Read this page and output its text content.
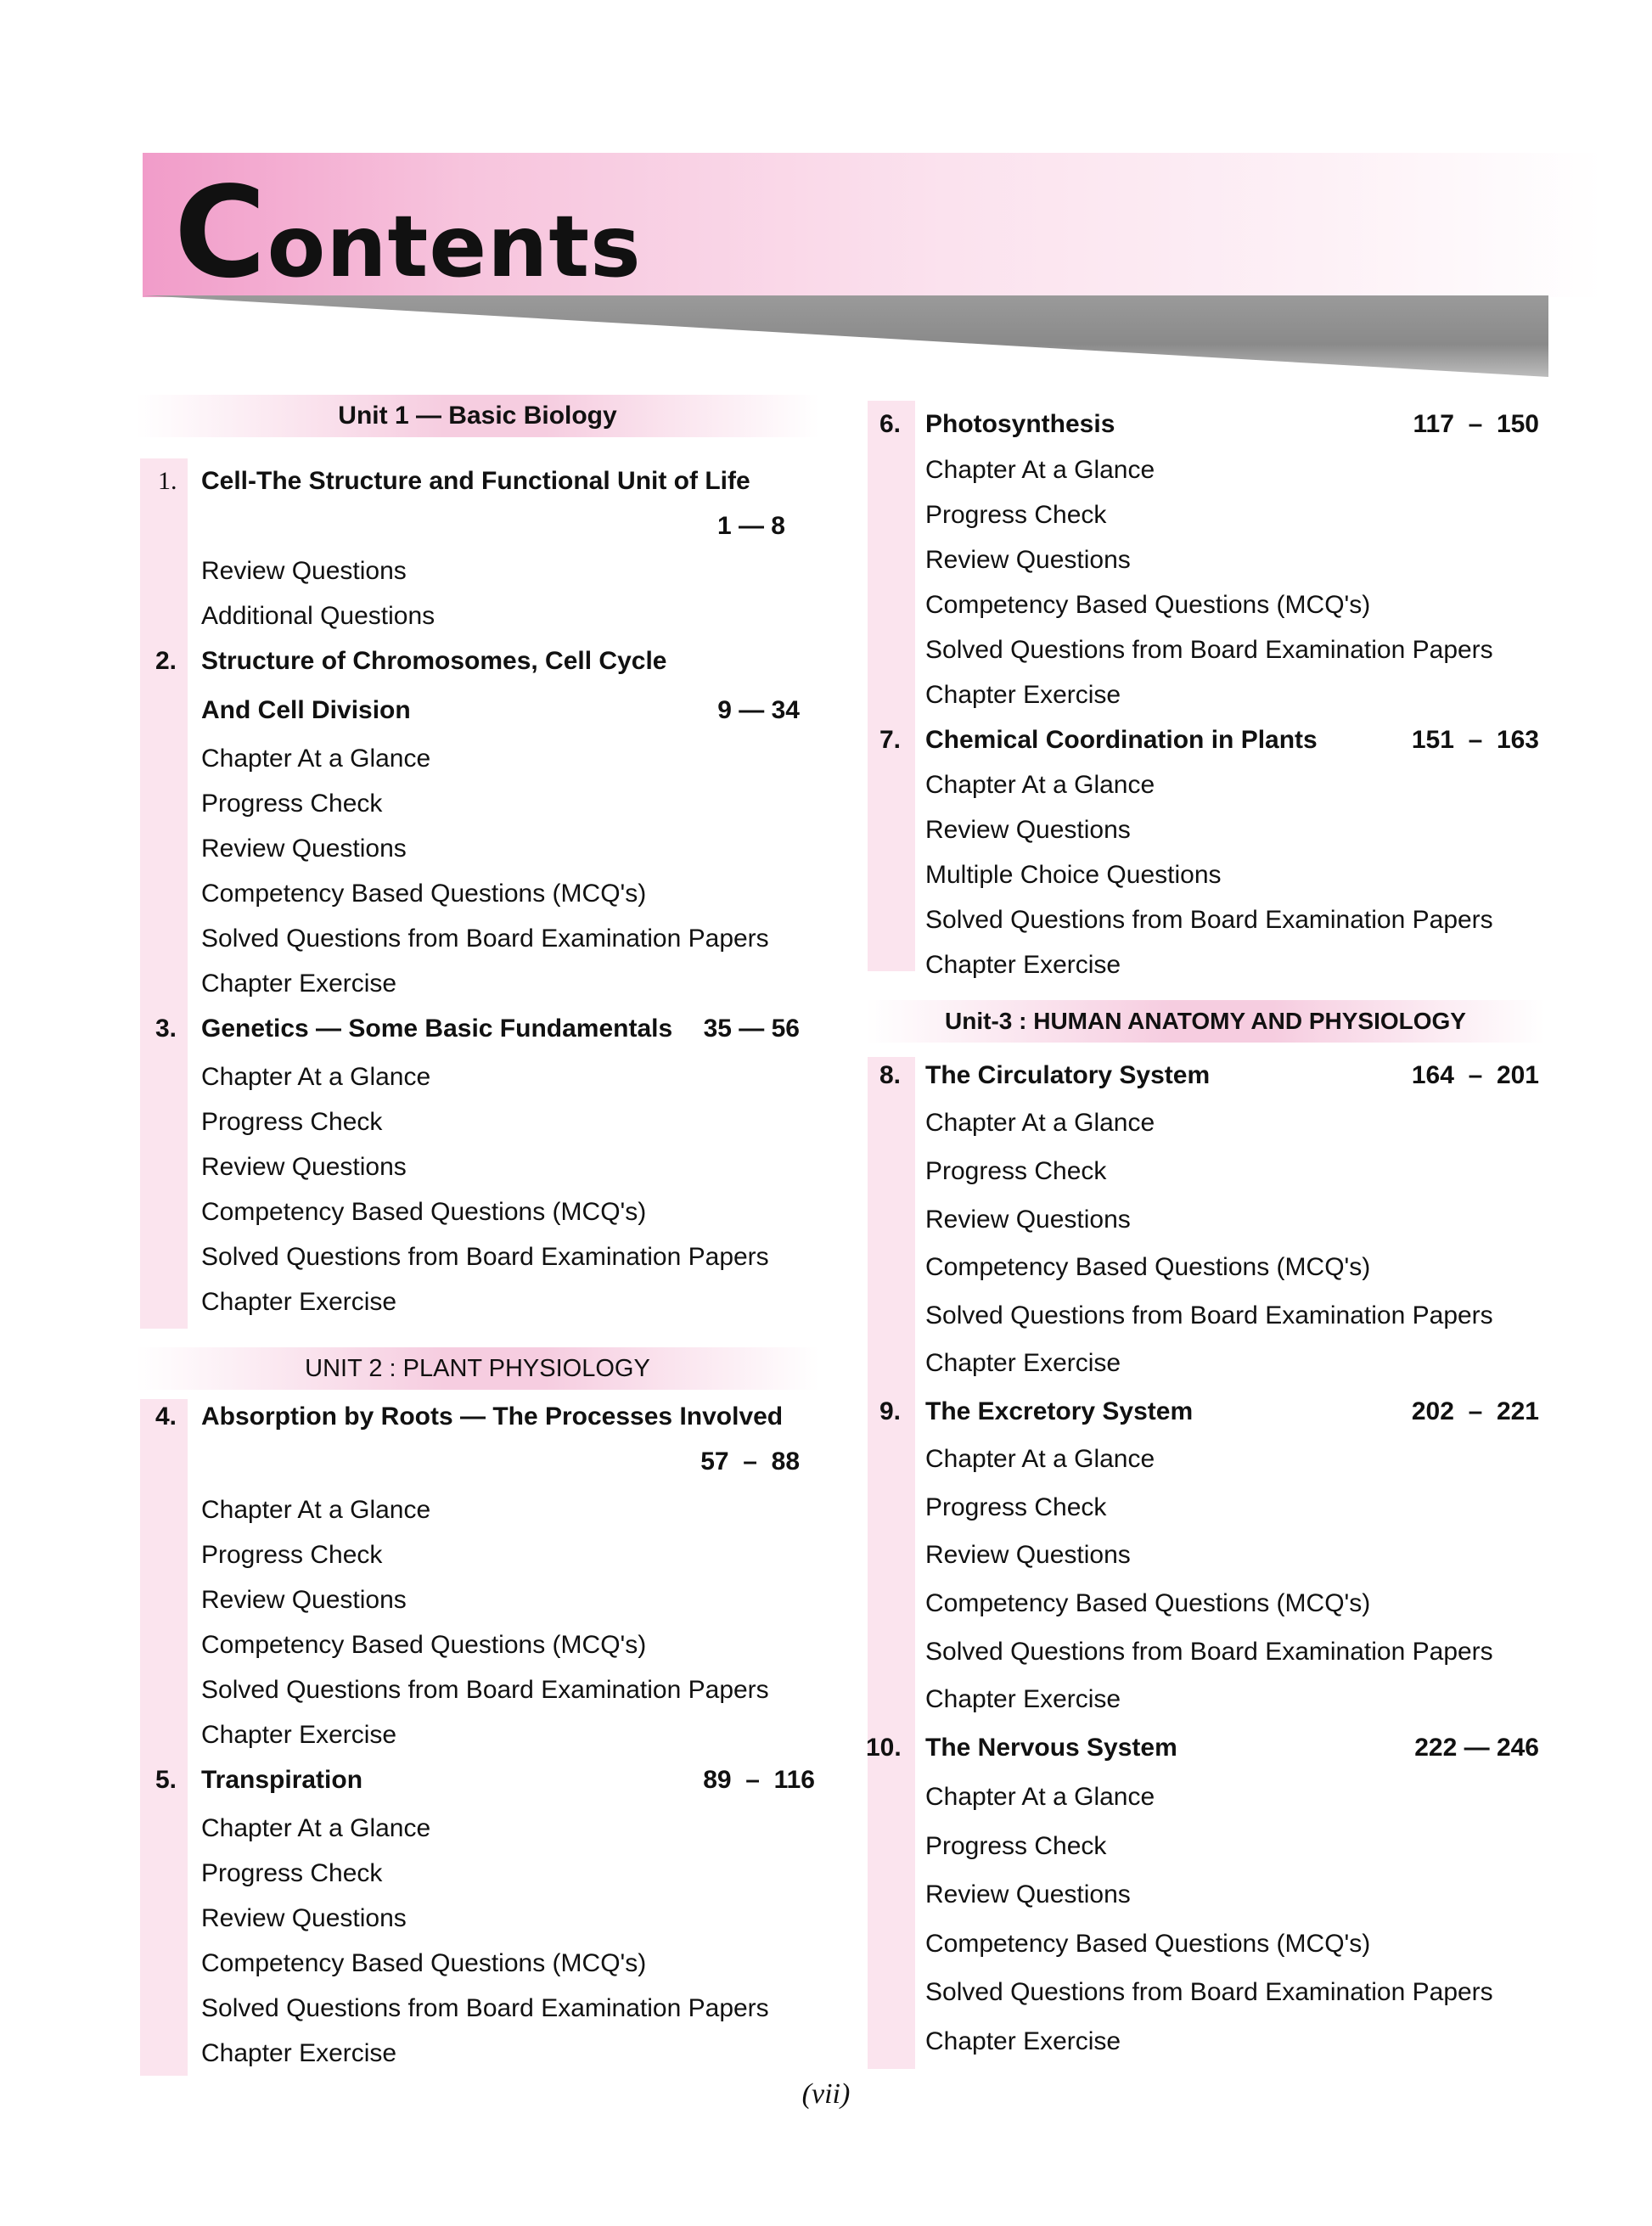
Contents
Unit 1 — Basic Biology
UNIT 2 : PLANT PHYSIOLOGY
Unit-3 : HUMAN ANATOMY AND PHYSIOLOGY
1. Cell-The Structure and Functional Unit of Life
1 — 8
Review Questions
Additional Questions
2. Structure of Chromosomes, Cell Cycle
And Cell Division	9 — 34
Chapter At a Glance
Progress Check
Review Questions
Competency Based Questions (MCQ's)
Solved Questions from Board Examination Papers
Chapter Exercise
3. Genetics — Some Basic Fundamentals	35 — 56
Chapter At a Glance
Progress Check
Review Questions
Competency Based Questions (MCQ's)
Solved Questions from Board Examination Papers
Chapter Exercise
4. Absorption by Roots — The Processes Involved
57  –  88
Chapter At a Glance
Progress Check
Review Questions
Competency Based Questions (MCQ's)
Solved Questions from Board Examination Papers
Chapter Exercise
5. Transpiration	89  –  116
Chapter At a Glance
Progress Check
Review Questions
Competency Based Questions (MCQ's)
Solved Questions from Board Examination Papers
Chapter Exercise
6. Photosynthesis	117  –  150
Chapter At a Glance
Progress Check
Review Questions
Competency Based Questions (MCQ's)
Solved Questions from Board Examination Papers
Chapter Exercise
7. Chemical Coordination in Plants	151  –  163
Chapter At a Glance
Review Questions
Multiple Choice Questions
Solved Questions from Board Examination Papers
Chapter Exercise
8. The Circulatory System	164  –  201
Chapter At a Glance
Progress Check
Review Questions
Competency Based Questions (MCQ's)
Solved Questions from Board Examination Papers
Chapter Exercise
9. The Excretory System	202  –  221
Chapter At a Glance
Progress Check
Review Questions
Competency Based Questions (MCQ's)
Solved Questions from Board Examination Papers
Chapter Exercise
10. The Nervous System	222 — 246
Chapter At a Glance
Progress Check
Review Questions
Competency Based Questions (MCQ's)
Solved Questions from Board Examination Papers
Chapter Exercise
(vii)
